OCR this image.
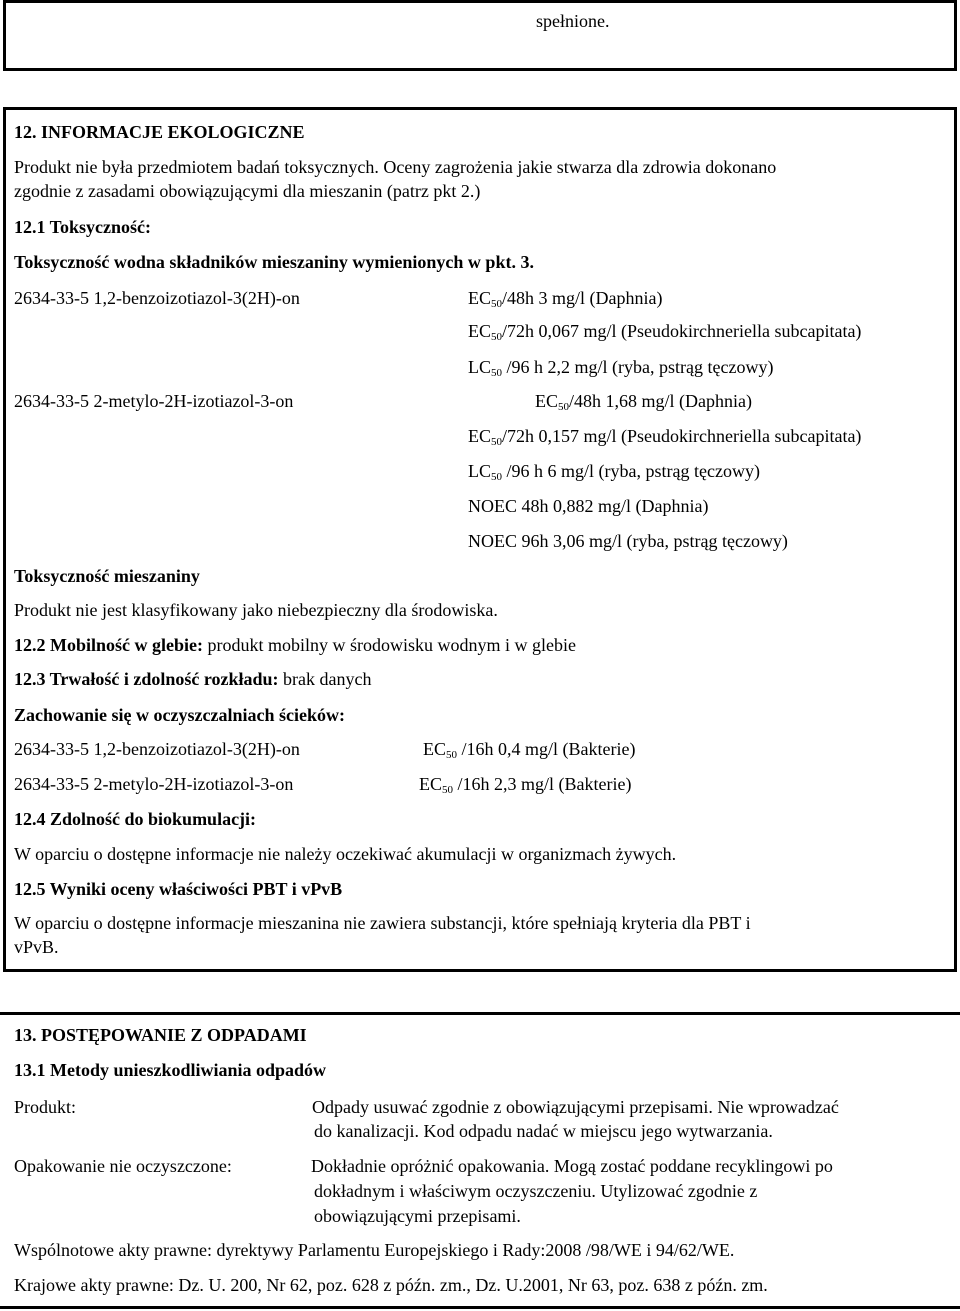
spełnione.
12. INFORMACJE EKOLOGICZNE
Produkt nie była przedmiotem badań toksycznych. Oceny zagrożenia jakie stwarza dla zdrowia dokonano
zgodnie z zasadami obowiązującymi dla mieszanin (patrz pkt 2.)
12.1 Toksyczność:
Toksyczność wodna składników mieszaniny wymienionych w pkt. 3.
2634-33-5 1,2-benzoizotiazol-3(2H)-on	$EC_{50}/48h$ 3 mg/l (Daphnia)
$EC_{50}/72h$ 0,067 mg/l (Pseudokirchneriella subcapitata)
$LC_{50}$ /96 h 2,2 mg/l (ryba, pstrąg tęczowy)
2634-33-5 2-metylo-2H-izotiazol-3-on	$EC_{50}/48h$ 1,68 mg/l (Daphnia)
$EC_{50}/72h$ 0,157 mg/l (Pseudokirchneriella subcapitata)
$LC_{50}$ /96 h 6 mg/l (ryba, pstrąg tęczowy)
NOEC 48h 0,882 mg/l (Daphnia)
NOEC 96h 3,06 mg/l (ryba, pstrąg tęczowy)
Toksyczność mieszaniny
Produkt nie jest klasyfikowany jako niebezpieczny dla środowiska.
12.2 Mobilność w glebie: produkt mobilny w środowisku wodnym i w glebie
12.3 Trwałość i zdolność rozkładu: brak danych
Zachowanie się w oczyszczalniach ścieków:
2634-33-5 1,2-benzoizotiazol-3(2H)-on	$EC_{50}$ /16h 0,4 mg/l (Bakterie)
2634-33-5 2-metylo-2H-izotiazol-3-on	$EC_{50}$ /16h 2,3 mg/l (Bakterie)
12.4 Zdolność do biokumulacji:
W oparciu o dostępne informacje nie należy oczekiwać akumulacji w organizmach żywych.
12.5 Wyniki oceny właściwości PBT i vPvB
W oparciu o dostępne informacje mieszanina nie zawiera substancji, które spełniają kryteria dla PBT i
vPvB.
13. POSTĘPOWANIE Z ODPADAMI
13.1 Metody unieszkodliwiania odpadów
Produkt:	Odpady usuwać zgodnie z obowiązującymi przepisami. Nie wprowadzać
do kanalizacji. Kod odpadu nadać w miejscu jego wytwarzania.
Opakowanie nie oczyszczone:	Dokładnie opróżnić opakowania. Mogą zostać poddane recyklingowi po
dokładnym i właściwym oczyszczeniu. Utylizować zgodnie z
obowiązującymi przepisami.
Wspólnotowe akty prawne: dyrektywy Parlamentu Europejskiego i Rady:2008 /98/WE i 94/62/WE.
Krajowe akty prawne: Dz. U. 200, Nr 62, poz. 628 z późn. zm., Dz. U.2001, Nr 63, poz. 638 z późn. zm.
